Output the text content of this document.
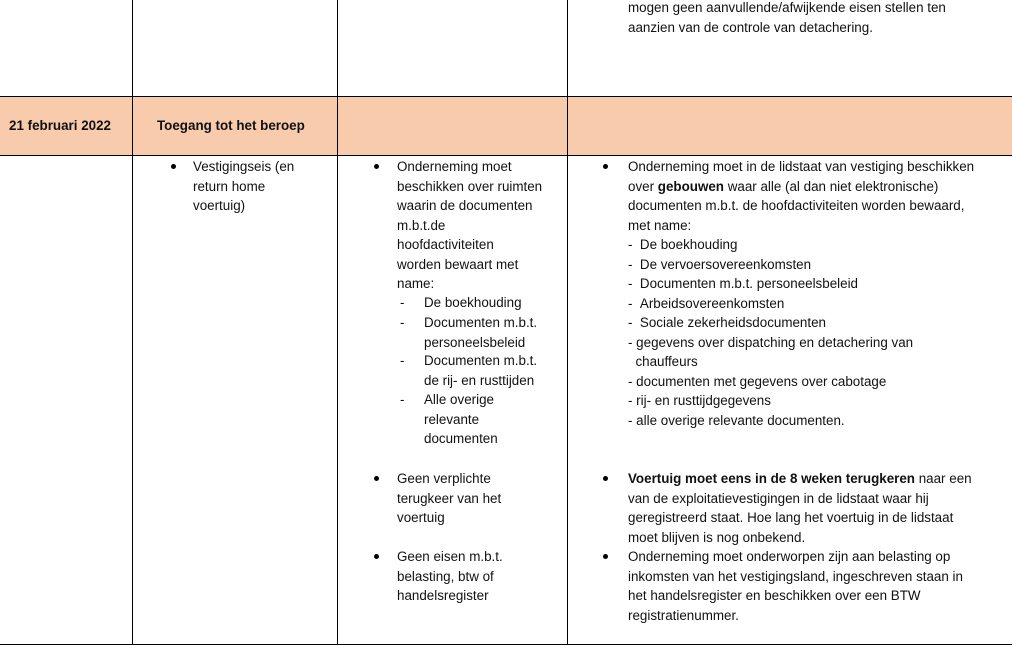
mogen geen aanvullende/afwijkende eisen stellen ten
aanzien van de controle van detachering.
21 februari 2022	Toegang tot het beroep
Vestigingseis (en
return home
voertuig)
Onderneming moet
beschikken over ruimten
waarin de documenten
m.b.t.de
hoofdactiviteiten
worden bewaart met
name:
- De boekhouding
- Documenten m.b.t.
personeelsbeleid
- Documenten m.b.t.
de rij- en rusttijden
- Alle overige
relevante
documenten
Geen verplichte
terugkeer van het
voertuig
Geen eisen m.b.t.
belasting, btw of
handelsregister
Onderneming moet in de lidstaat van vestiging beschikken
over gebouwen waar alle (al dan niet elektronische)
documenten m.b.t. de hoofdactiviteiten worden bewaard,
met name:
-  De boekhouding
-  De vervoersovereenkomsten
-  Documenten m.b.t. personeelsbeleid
-  Arbeidsovereenkomsten
-  Sociale zekerheidsdocumenten
- gegevens over dispatching en detachering van
chauffeurs
- documenten met gegevens over cabotage
- rij- en rusttijdgegevens
- alle overige relevante documenten.
Voertuig moet eens in de 8 weken terugkeren naar een
van de exploitatievestigingen in de lidstaat waar hij
geregistreerd staat. Hoe lang het voertuig in de lidstaat
moet blijven is nog onbekend.
Onderneming moet onderworpen zijn aan belasting op
inkomsten van het vestigingsland, ingeschreven staan in
het handelsregister en beschikken over een BTW
registratienummer.
